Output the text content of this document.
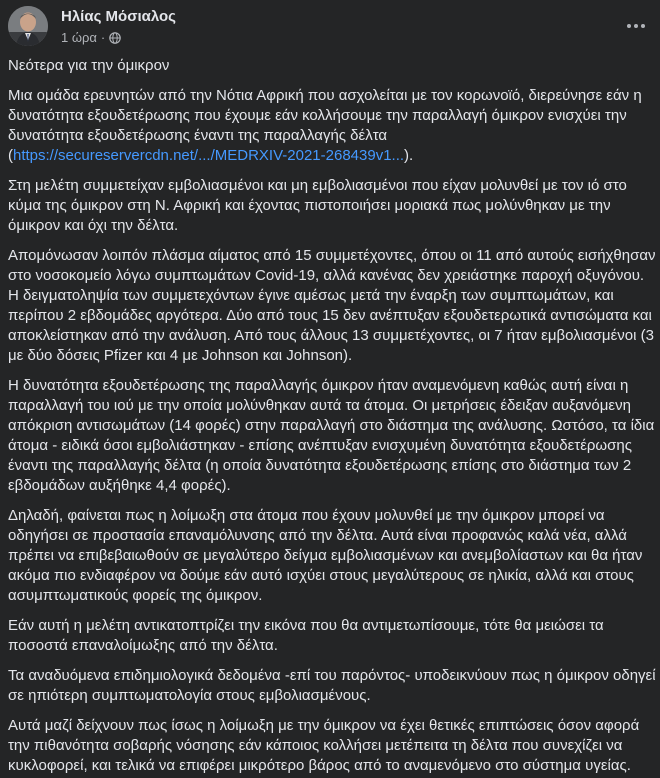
Ηλίας Μόσιαλος
1 ώρα ·

Νεότερα για την όμικρον

Μια ομάδα ερευνητών από την Νότια Αφρική που ασχολείται με τον κορωνοϊό, διερεύνησε εάν η δυνατότητα εξουδετέρωσης που έχουμε εάν κολλήσουμε την παραλλαγή όμικρον ενισχύει την δυνατότητα εξουδετέρωσης έναντι της παραλλαγής δέλτα
(https://secureservercdn.net/.../MEDRXIV-2021-268439v1...).

Στη μελέτη συμμετείχαν εμβολιασμένοι και μη εμβολιασμένοι που είχαν μολυνθεί με τον ιό στο κύμα της όμικρον στη Ν. Αφρική και έχοντας πιστοποιήσει μοριακά πως μολύνθηκαν με την όμικρον και όχι την δέλτα.

Απομόνωσαν λοιπόν πλάσμα αίματος από 15 συμμετέχοντες, όπου οι 11 από αυτούς εισήχθησαν στο νοσοκομείο λόγω συμπτωμάτων Covid-19, αλλά κανένας δεν χρειάστηκε παροχή οξυγόνου. Η δειγματοληψία των συμμετεχόντων έγινε αμέσως μετά την έναρξη των συμπτωμάτων, και περίπου 2 εβδομάδες αργότερα. Δύο από τους 15 δεν ανέπτυξαν εξουδετερωτικά αντισώματα και αποκλείστηκαν από την ανάλυση. Από τους άλλους 13 συμμετέχοντες, οι 7 ήταν εμβολιασμένοι (3 με δύο δόσεις Pfizer και 4 με Johnson και Johnson).

Η δυνατότητα εξουδετέρωσης της παραλλαγής όμικρον ήταν αναμενόμενη καθώς αυτή είναι η παραλλαγή του ιού με την οποία μολύνθηκαν αυτά τα άτομα. Οι μετρήσεις έδειξαν αυξανόμενη απόκριση αντισωμάτων (14 φορές) στην παραλλαγή στο διάστημα της ανάλυσης. Ωστόσο, τα ίδια άτομα - ειδικά όσοι εμβολιάστηκαν - επίσης ανέπτυξαν ενισχυμένη δυνατότητα εξουδετέρωσης έναντι της παραλλαγής δέλτα (η οποία δυνατότητα εξουδετέρωσης επίσης στο διάστημα των 2 εβδομάδων αυξήθηκε 4,4 φορές).

Δηλαδή, φαίνεται πως η λοίμωξη στα άτομα που έχουν μολυνθεί με την όμικρον μπορεί να οδηγήσει σε προστασία επαναμόλυνσης από την δέλτα. Αυτά είναι προφανώς καλά νέα, αλλά πρέπει να επιβεβαιωθούν σε μεγαλύτερο δείγμα εμβολιασμένων και ανεμβολίαστων και θα ήταν ακόμα πιο ενδιαφέρον να δούμε εάν αυτό ισχύει στους μεγαλύτερους σε ηλικία, αλλά και στους ασυμπτωματικούς φορείς της όμικρον.

Εάν αυτή η μελέτη αντικατοπτρίζει την εικόνα που θα αντιμετωπίσουμε, τότε θα μειώσει τα ποσοστά επαναλοίμωξης από την δέλτα.

Τα αναδυόμενα επιδημιολογικά δεδομένα -επί του παρόντος- υποδεικνύουν πως η όμικρον οδηγεί σε ηπιότερη συμπτωματολογία στους εμβολιασμένους.

Αυτά μαζί δείχνουν πως ίσως η λοίμωξη με την όμικρον να έχει θετικές επιπτώσεις όσον αφορά την πιθανότητα σοβαρής νόσησης εάν κάποιος κολλήσει μετέπειτα τη δέλτα που συνεχίζει να κυκλοφορεί, και τελικά να επιφέρει μικρότερο βάρος από το αναμενόμενο στο σύστημα υγείας.
